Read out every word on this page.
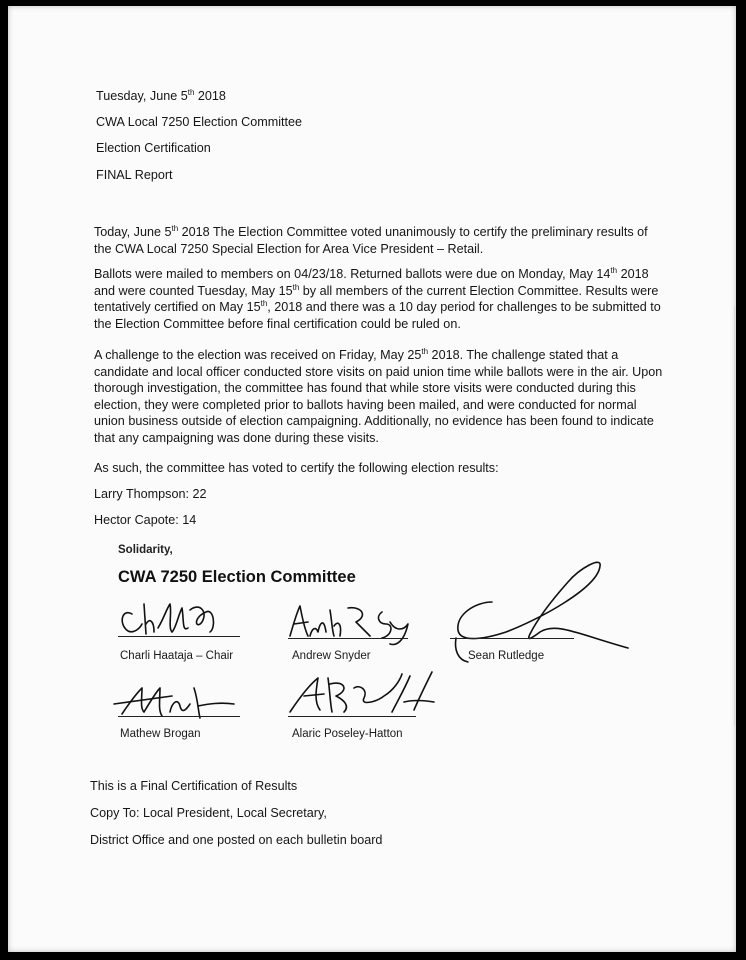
Tuesday, June 5th 2018
CWA Local 7250 Election Committee
Election Certification
FINAL Report

Today, June 5th 2018 The Election Committee voted unanimously to certify the preliminary results of the CWA Local 7250 Special Election for Area Vice President – Retail.

Ballots were mailed to members on 04/23/18. Returned ballots were due on Monday, May 14th 2018 and were counted Tuesday, May 15th by all members of the current Election Committee. Results were tentatively certified on May 15th, 2018 and there was a 10 day period for challenges to be submitted to the Election Committee before final certification could be ruled on.

A challenge to the election was received on Friday, May 25th 2018. The challenge stated that a candidate and local officer conducted store visits on paid union time while ballots were in the air. Upon thorough investigation, the committee has found that while store visits were conducted during this election, they were completed prior to ballots having been mailed, and were conducted for normal union business outside of election campaigning. Additionally, no evidence has been found to indicate that any campaigning was done during these visits.

As such, the committee has voted to certify the following election results:

Larry Thompson: 22
Hector Capote: 14
Solidarity,
CWA 7250 Election Committee
Charli Haataja – Chair	Andrew Snyder	Sean Rutledge
Mathew Brogan	Alaric Poseley-Hatton
This is a Final Certification of Results
Copy To: Local President, Local Secretary,
District Office and one posted on each bulletin board
